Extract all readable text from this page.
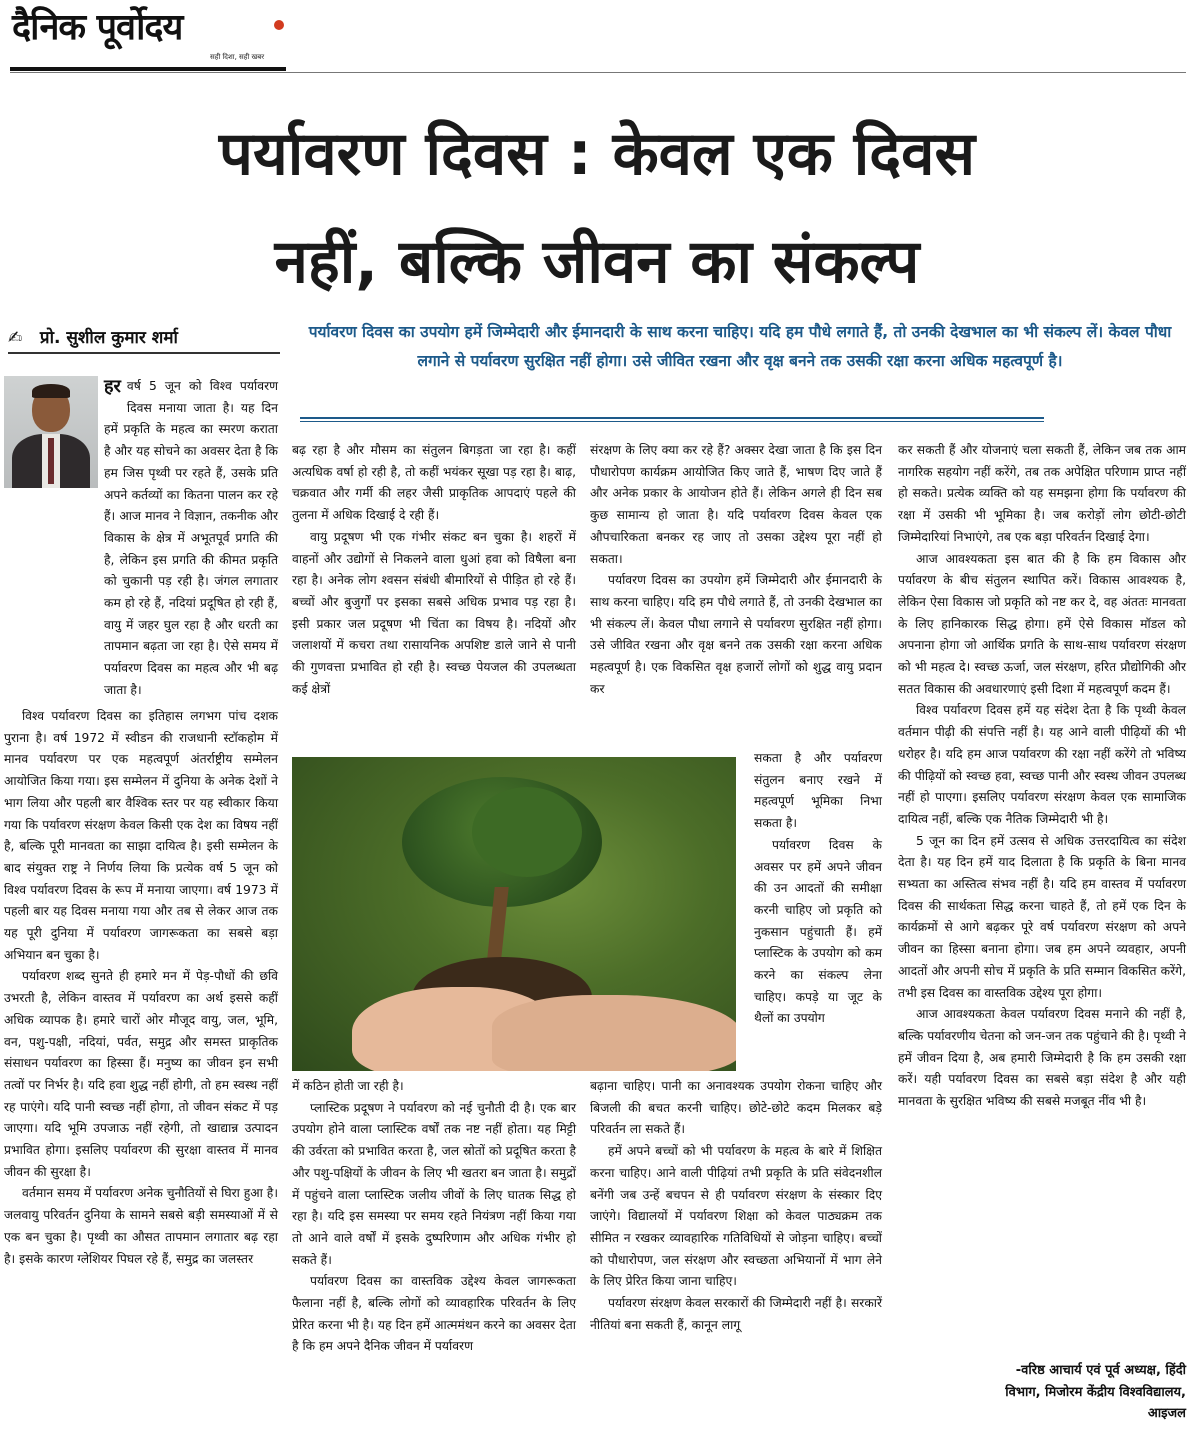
दैनिक पूर्वोदय
सही दिशा, सही खबर
पर्यावरण दिवस : केवल एक दिवस
नहीं, बल्कि जीवन का संकल्प
✍ प्रो. सुशील कुमार शर्मा	पर्यावरण दिवस का उपयोग हमें जिम्मेदारी और ईमानदारी के साथ करना चाहिए। यदि हम पौधे लगाते हैं, तो उनकी देखभाल का भी संकल्प लें। केवल पौधा लगाने से पर्यावरण सुरक्षित नहीं होगा। उसे जीवित रखना और वृक्ष बनने तक उसकी रक्षा करना अधिक महत्वपूर्ण है।

हर वर्ष 5 जून को विश्व पर्यावरण दिवस मनाया जाता है। यह दिन हमें प्रकृति के महत्व का स्मरण कराता है और यह सोचने का अवसर देता है कि हम जिस पृथ्वी पर रहते हैं, उसके प्रति अपने कर्तव्यों का कितना पालन कर रहे हैं। आज मानव ने विज्ञान, तकनीक और विकास के क्षेत्र में अभूतपूर्व प्रगति की है, लेकिन इस प्रगति की कीमत प्रकृति को चुकानी पड़ रही है। जंगल लगातार कम हो रहे हैं, नदियां प्रदूषित हो रही हैं, वायु में जहर घुल रहा है और धरती का तापमान बढ़ता जा रहा है। ऐसे समय में पर्यावरण दिवस का महत्व और भी बढ़ जाता है।

विश्व पर्यावरण दिवस का इतिहास लगभग पांच दशक पुराना है। वर्ष 1972 में स्वीडन की राजधानी स्टॉकहोम में मानव पर्यावरण पर एक महत्वपूर्ण अंतर्राष्ट्रीय सम्मेलन आयोजित किया गया। इस सम्मेलन में दुनिया के अनेक देशों ने भाग लिया और पहली बार वैश्विक स्तर पर यह स्वीकार किया गया कि पर्यावरण संरक्षण केवल किसी एक देश का विषय नहीं है, बल्कि पूरी मानवता का साझा दायित्व है। इसी सम्मेलन के बाद संयुक्त राष्ट्र ने निर्णय लिया कि प्रत्येक वर्ष 5 जून को विश्व पर्यावरण दिवस के रूप में मनाया जाएगा। वर्ष 1973 में पहली बार यह दिवस मनाया गया और तब से लेकर आज तक यह पूरी दुनिया में पर्यावरण जागरूकता का सबसे बड़ा अभियान बन चुका है।

पर्यावरण शब्द सुनते ही हमारे मन में पेड़-पौधों की छवि उभरती है, लेकिन वास्तव में पर्यावरण का अर्थ इससे कहीं अधिक व्यापक है। हमारे चारों ओर मौजूद वायु, जल, भूमि, वन, पशु-पक्षी, नदियां, पर्वत, समुद्र और समस्त प्राकृतिक संसाधन पर्यावरण का हिस्सा हैं। मनुष्य का जीवन इन सभी तत्वों पर निर्भर है। यदि हवा शुद्ध नहीं होगी, तो हम स्वस्थ नहीं रह पाएंगे। यदि पानी स्वच्छ नहीं होगा, तो जीवन संकट में पड़ जाएगा। यदि भूमि उपजाऊ नहीं रहेगी, तो खाद्यान्न उत्पादन प्रभावित होगा। इसलिए पर्यावरण की सुरक्षा वास्तव में मानव जीवन की सुरक्षा है।

वर्तमान समय में पर्यावरण अनेक चुनौतियों से घिरा हुआ है। जलवायु परिवर्तन दुनिया के सामने सबसे बड़ी समस्याओं में से एक बन चुका है। पृथ्वी का औसत तापमान लगातार बढ़ रहा है। इसके कारण ग्लेशियर पिघल रहे हैं, समुद्र का जलस्तर

बढ़ रहा है और मौसम का संतुलन बिगड़ता जा रहा है। कहीं अत्यधिक वर्षा हो रही है, तो कहीं भयंकर सूखा पड़ रहा है। बाढ़, चक्रवात और गर्मी की लहर जैसी प्राकृतिक आपदाएं पहले की तुलना में अधिक दिखाई दे रही हैं।

वायु प्रदूषण भी एक गंभीर संकट बन चुका है। शहरों में वाहनों और उद्योगों से निकलने वाला धुआं हवा को विषैला बना रहा है। अनेक लोग श्वसन संबंधी बीमारियों से पीड़ित हो रहे हैं। बच्चों और बुजुर्गों पर इसका सबसे अधिक प्रभाव पड़ रहा है। इसी प्रकार जल प्रदूषण भी चिंता का विषय है। नदियों और जलाशयों में कचरा तथा रासायनिक अपशिष्ट डाले जाने से पानी की गुणवत्ता प्रभावित हो रही है। स्वच्छ पेयजल की उपलब्धता कई क्षेत्रों

में कठिन होती जा रही है।

प्लास्टिक प्रदूषण ने पर्यावरण को नई चुनौती दी है। एक बार उपयोग होने वाला प्लास्टिक वर्षों तक नष्ट नहीं होता। यह मिट्टी की उर्वरता को प्रभावित करता है, जल स्रोतों को प्रदूषित करता है और पशु-पक्षियों के जीवन के लिए भी खतरा बन जाता है। समुद्रों में पहुंचने वाला प्लास्टिक जलीय जीवों के लिए घातक सिद्ध हो रहा है। यदि इस समस्या पर समय रहते नियंत्रण नहीं किया गया तो आने वाले वर्षों में इसके दुष्परिणाम और अधिक गंभीर हो सकते हैं।

पर्यावरण दिवस का वास्तविक उद्देश्य केवल जागरूकता फैलाना नहीं है, बल्कि लोगों को व्यावहारिक परिवर्तन के लिए प्रेरित करना भी है। यह दिन हमें आत्ममंथन करने का अवसर देता है कि हम अपने दैनिक जीवन में पर्यावरण

संरक्षण के लिए क्या कर रहे हैं? अक्सर देखा जाता है कि इस दिन पौधारोपण कार्यक्रम आयोजित किए जाते हैं, भाषण दिए जाते हैं और अनेक प्रकार के आयोजन होते हैं। लेकिन अगले ही दिन सब कुछ सामान्य हो जाता है। यदि पर्यावरण दिवस केवल एक औपचारिकता बनकर रह जाए तो उसका उद्देश्य पूरा नहीं हो सकता।

पर्यावरण दिवस का उपयोग हमें जिम्मेदारी और ईमानदारी के साथ करना चाहिए। यदि हम पौधे लगाते हैं, तो उनकी देखभाल का भी संकल्प लें। केवल पौधा लगाने से पर्यावरण सुरक्षित नहीं होगा। उसे जीवित रखना और वृक्ष बनने तक उसकी रक्षा करना अधिक महत्वपूर्ण है। एक विकसित वृक्ष हजारों लोगों को शुद्ध वायु प्रदान कर

सकता है और पर्यावरण संतुलन बनाए रखने में महत्वपूर्ण भूमिका निभा सकता है।

पर्यावरण दिवस के अवसर पर हमें अपने जीवन की उन आदतों की समीक्षा करनी चाहिए जो प्रकृति को नुकसान पहुंचाती हैं। हमें प्लास्टिक के उपयोग को कम करने का संकल्प लेना चाहिए। कपड़े या जूट के थैलों का उपयोग

बढ़ाना चाहिए। पानी का अनावश्यक उपयोग रोकना चाहिए और बिजली की बचत करनी चाहिए। छोटे-छोटे कदम मिलकर बड़े परिवर्तन ला सकते हैं।

हमें अपने बच्चों को भी पर्यावरण के महत्व के बारे में शिक्षित करना चाहिए। आने वाली पीढ़ियां तभी प्रकृति के प्रति संवेदनशील बनेंगी जब उन्हें बचपन से ही पर्यावरण संरक्षण के संस्कार दिए जाएंगे। विद्यालयों में पर्यावरण शिक्षा को केवल पाठ्यक्रम तक सीमित न रखकर व्यावहारिक गतिविधियों से जोड़ना चाहिए। बच्चों को पौधारोपण, जल संरक्षण और स्वच्छता अभियानों में भाग लेने के लिए प्रेरित किया जाना चाहिए।

पर्यावरण संरक्षण केवल सरकारों की जिम्मेदारी नहीं है। सरकारें नीतियां बना सकती हैं, कानून लागू

कर सकती हैं और योजनाएं चला सकती हैं, लेकिन जब तक आम नागरिक सहयोग नहीं करेंगे, तब तक अपेक्षित परिणाम प्राप्त नहीं हो सकते। प्रत्येक व्यक्ति को यह समझना होगा कि पर्यावरण की रक्षा में उसकी भी भूमिका है। जब करोड़ों लोग छोटी-छोटी जिम्मेदारियां निभाएंगे, तब एक बड़ा परिवर्तन दिखाई देगा।

आज आवश्यकता इस बात की है कि हम विकास और पर्यावरण के बीच संतुलन स्थापित करें। विकास आवश्यक है, लेकिन ऐसा विकास जो प्रकृति को नष्ट कर दे, वह अंततः मानवता के लिए हानिकारक सिद्ध होगा। हमें ऐसे विकास मॉडल को अपनाना होगा जो आर्थिक प्रगति के साथ-साथ पर्यावरण संरक्षण को भी महत्व दे। स्वच्छ ऊर्जा, जल संरक्षण, हरित प्रौद्योगिकी और सतत विकास की अवधारणाएं इसी दिशा में महत्वपूर्ण कदम हैं।

विश्व पर्यावरण दिवस हमें यह संदेश देता है कि पृथ्वी केवल वर्तमान पीढ़ी की संपत्ति नहीं है। यह आने वाली पीढ़ियों की भी धरोहर है। यदि हम आज पर्यावरण की रक्षा नहीं करेंगे तो भविष्य की पीढ़ियों को स्वच्छ हवा, स्वच्छ पानी और स्वस्थ जीवन उपलब्ध नहीं हो पाएगा। इसलिए पर्यावरण संरक्षण केवल एक सामाजिक दायित्व नहीं, बल्कि एक नैतिक जिम्मेदारी भी है।

5 जून का दिन हमें उत्सव से अधिक उत्तरदायित्व का संदेश देता है। यह दिन हमें याद दिलाता है कि प्रकृति के बिना मानव सभ्यता का अस्तित्व संभव नहीं है। यदि हम वास्तव में पर्यावरण दिवस की सार्थकता सिद्ध करना चाहते हैं, तो हमें एक दिन के कार्यक्रमों से आगे बढ़कर पूरे वर्ष पर्यावरण संरक्षण को अपने जीवन का हिस्सा बनाना होगा। जब हम अपने व्यवहार, अपनी आदतों और अपनी सोच में प्रकृति के प्रति सम्मान विकसित करेंगे, तभी इस दिवस का वास्तविक उद्देश्य पूरा होगा।

आज आवश्यकता केवल पर्यावरण दिवस मनाने की नहीं है, बल्कि पर्यावरणीय चेतना को जन-जन तक पहुंचाने की है। पृथ्वी ने हमें जीवन दिया है, अब हमारी जिम्मेदारी है कि हम उसकी रक्षा करें। यही पर्यावरण दिवस का सबसे बड़ा संदेश है और यही मानवता के सुरक्षित भविष्य की सबसे मजबूत नींव भी है।

-वरिष्ठ आचार्य एवं पूर्व अध्यक्ष, हिंदी
विभाग, मिजोरम केंद्रीय विश्वविद्यालय,
आइजल
